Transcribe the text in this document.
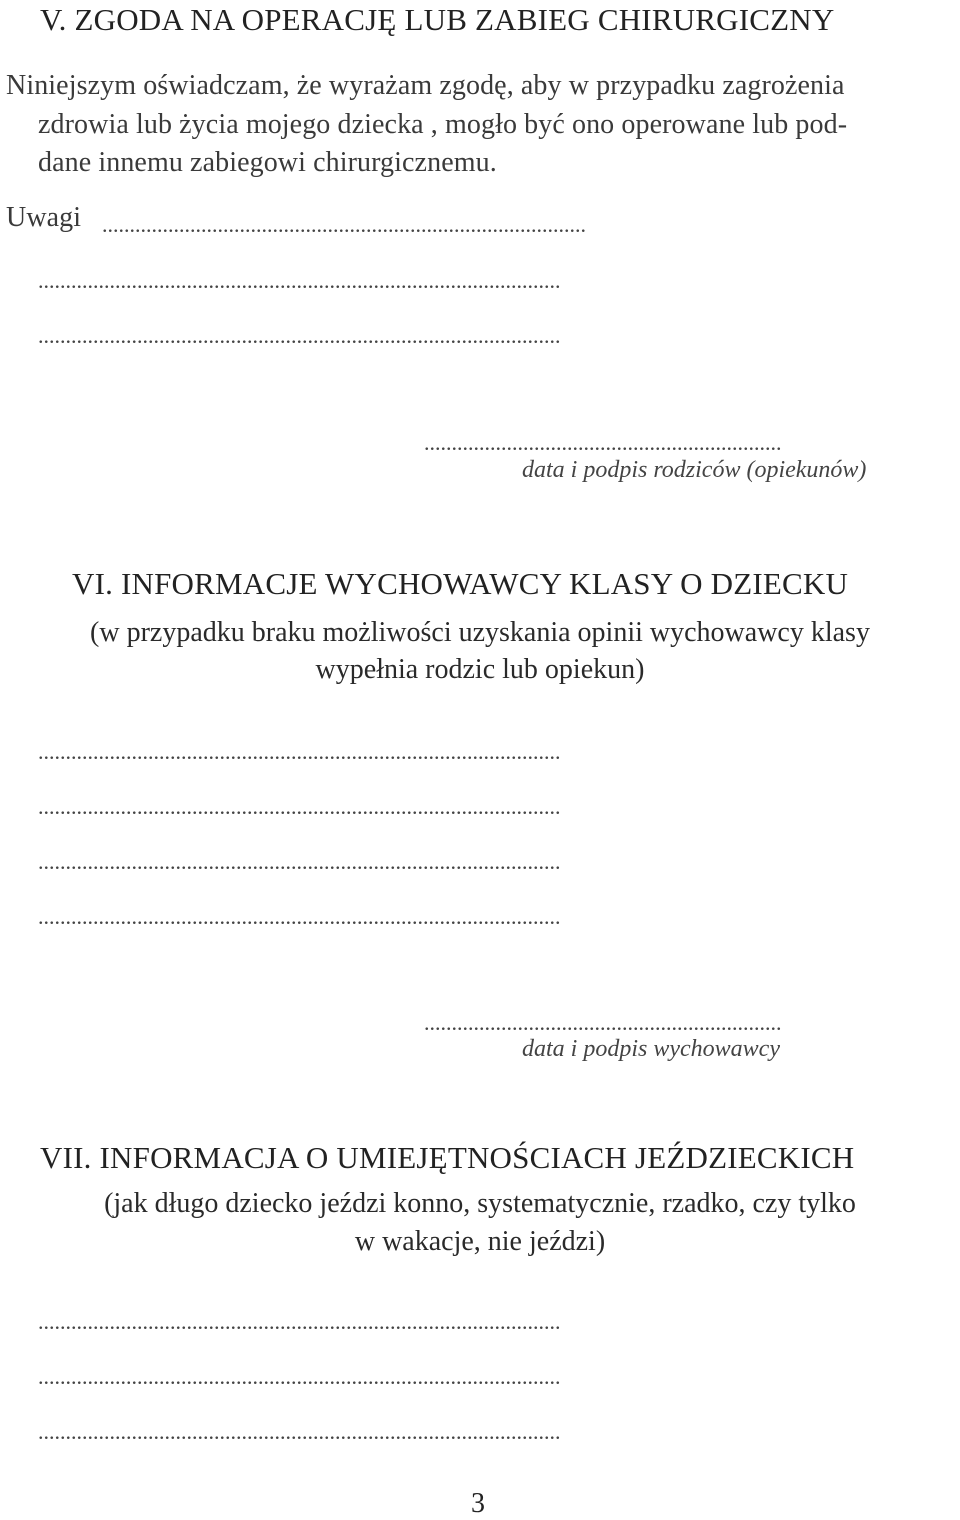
V. ZGODA NA OPERACJĘ LUB ZABIEG CHIRURGICZNY
Niniejszym oświadczam, że wyrażam zgodę, aby w przypadku zagrożenia
zdrowia lub życia mojego dziecka , mogło być ono operowane lub pod-
dane innemu zabiegowi chirurgicznemu.
Uwagi ........................................................................................
...............................................................................................
...............................................................................................
.................................................................
data i podpis rodziców (opiekunów)
VI. INFORMACJE WYCHOWAWCY KLASY O DZIECKU
(w przypadku braku możliwości uzyskania opinii wychowawcy klasy
wypełnia rodzic lub opiekun)
...............................................................................................
...............................................................................................
...............................................................................................
...............................................................................................
.................................................................
data i podpis wychowawcy
VII. INFORMACJA O UMIEJĘTNOŚCIACH JEŹDZIECKICH
(jak długo dziecko jeździ konno, systematycznie, rzadko, czy tylko
w wakacje, nie jeździ)
...............................................................................................
...............................................................................................
...............................................................................................
3
